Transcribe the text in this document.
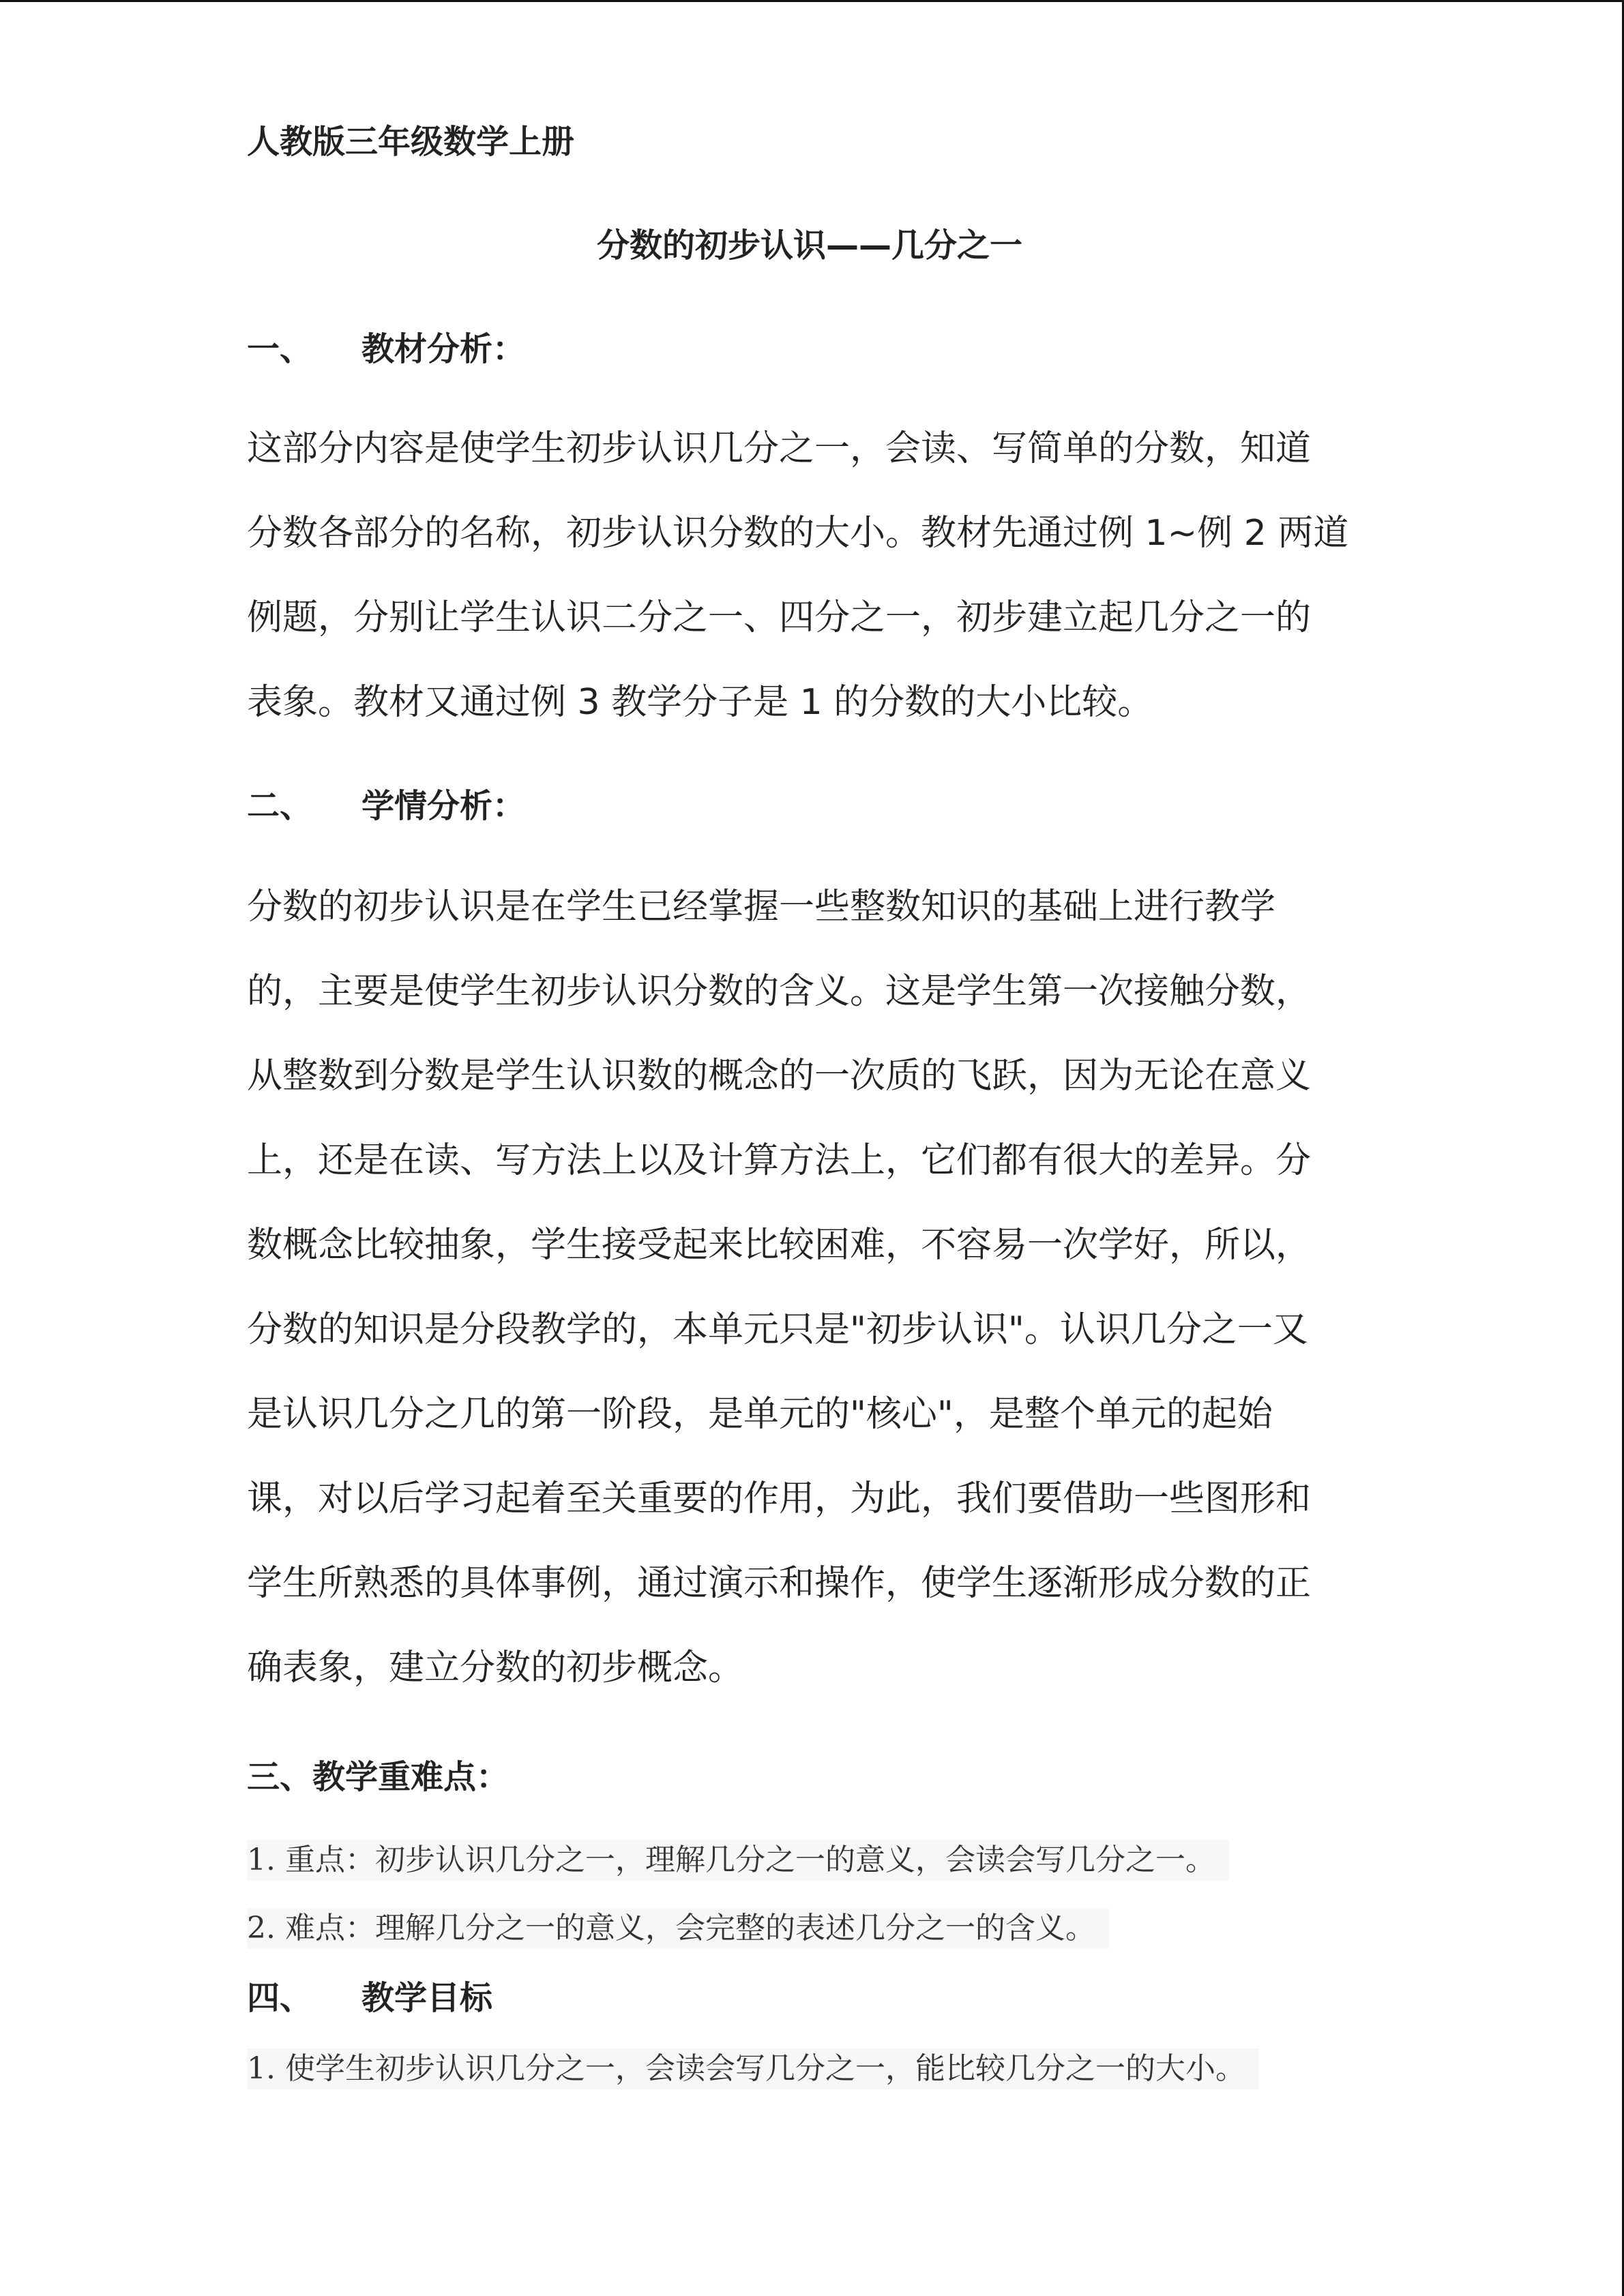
人教版三年级数学上册
分数的初步认识——几分之一
一、 教材分析：
这部分内容是使学生初步认识几分之一，会读、写简单的分数，知道
分数各部分的名称，初步认识分数的大小。教材先通过例 1~例 2 两道
例题，分别让学生认识二分之一、四分之一，初步建立起几分之一的
表象。教材又通过例 3 教学分子是 1 的分数的大小比较。
二、 学情分析：
分数的初步认识是在学生已经掌握一些整数知识的基础上进行教学
的，主要是使学生初步认识分数的含义。这是学生第一次接触分数，
从整数到分数是学生认识数的概念的一次质的飞跃，因为无论在意义
上，还是在读、写方法上以及计算方法上，它们都有很大的差异。分
数概念比较抽象，学生接受起来比较困难，不容易一次学好，所以，
分数的知识是分段教学的，本单元只是"初步认识"。认识几分之一又
是认识几分之几的第一阶段，是单元的"核心"，是整个单元的起始
课，对以后学习起着至关重要的作用，为此，我们要借助一些图形和
学生所熟悉的具体事例，通过演示和操作，使学生逐渐形成分数的正
确表象，建立分数的初步概念。
三、教学重难点：
1. 重点：初步认识几分之一，理解几分之一的意义，会读会写几分之一。
2. 难点：理解几分之一的意义，会完整的表述几分之一的含义。
四、 教学目标
1. 使学生初步认识几分之一，会读会写几分之一，能比较几分之一的大小。
